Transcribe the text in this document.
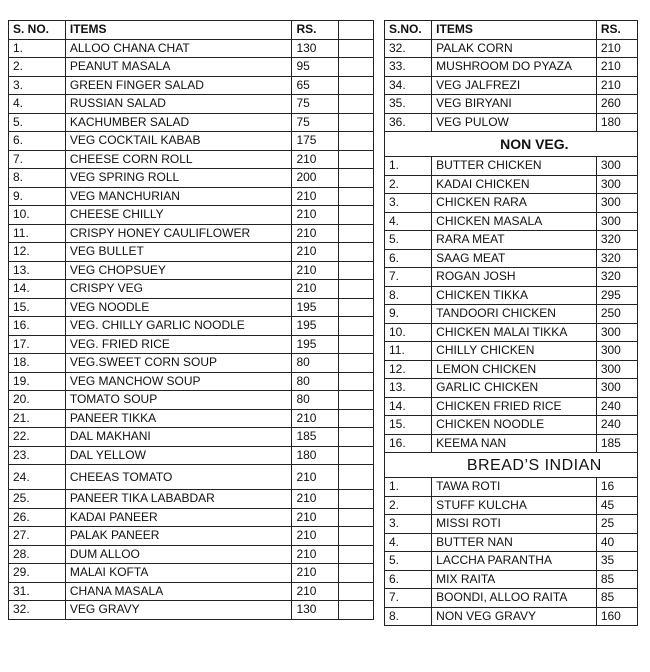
S. NO.	ITEMS	RS.	
1.	ALLOO CHANA CHAT	130	
2.	PEANUT MASALA	95	
3.	GREEN FINGER SALAD	65	
4.	RUSSIAN SALAD	75	
5.	KACHUMBER SALAD	75	
6.	VEG COCKTAIL KABAB	175	
7.	CHEESE CORN ROLL	210	
8.	VEG SPRING ROLL	200	
9.	VEG MANCHURIAN	210	
10.	CHEESE CHILLY	210	
11.	CRISPY HONEY CAULIFLOWER	210	
12.	VEG BULLET	210	
13.	VEG CHOPSUEY	210	
14.	CRISPY VEG	210	
15.	VEG NOODLE	195	
16.	VEG. CHILLY GARLIC NOODLE	195	
17.	VEG. FRIED RICE	195	
18.	VEG.SWEET CORN SOUP	80	
19.	VEG MANCHOW SOUP	80	
20.	TOMATO SOUP	80	
21.	PANEER TIKKA	210	
22.	DAL MAKHANI	185	
23.	DAL YELLOW	180	
24.	CHEEAS TOMATO	210	
25.	PANEER TIKA LABABDAR	210	
26.	KADAI PANEER	210	
27.	PALAK PANEER	210	
28.	DUM ALLOO	210	
29.	MALAI KOFTA	210	
31.	CHANA MASALA	210	
32.	VEG GRAVY	130	
S.NO.	ITEMS	RS.
32.	PALAK CORN	210
33.	MUSHROOM DO PYAZA	210
34.	VEG JALFREZI	210
35.	VEG BIRYANI	260
36.	VEG PULOW	180
	NON VEG.	
1.	BUTTER CHICKEN	300
2.	KADAI CHICKEN	300
3.	CHICKEN RARA	300
4.	CHICKEN MASALA	300
5.	RARA MEAT	320
6.	SAAG MEAT	320
7.	ROGAN JOSH	320
8.	CHICKEN TIKKA	295
9.	TANDOORI CHICKEN	250
10.	CHICKEN MALAI TIKKA	300
11.	CHILLY CHICKEN	300
12.	LEMON CHICKEN	300
13.	GARLIC CHICKEN	300
14.	CHICKEN FRIED RICE	240
15.	CHICKEN NOODLE	240
16.	KEEMA NAN	185
	BREAD’S INDIAN	
1.	TAWA ROTI	16
2.	STUFF KULCHA	45
3.	MISSI ROTI	25
4.	BUTTER NAN	40
5.	LACCHA PARANTHA	35
6.	MIX RAITA	85
7.	BOONDI, ALLOO RAITA	85
8.	NON VEG GRAVY	160
